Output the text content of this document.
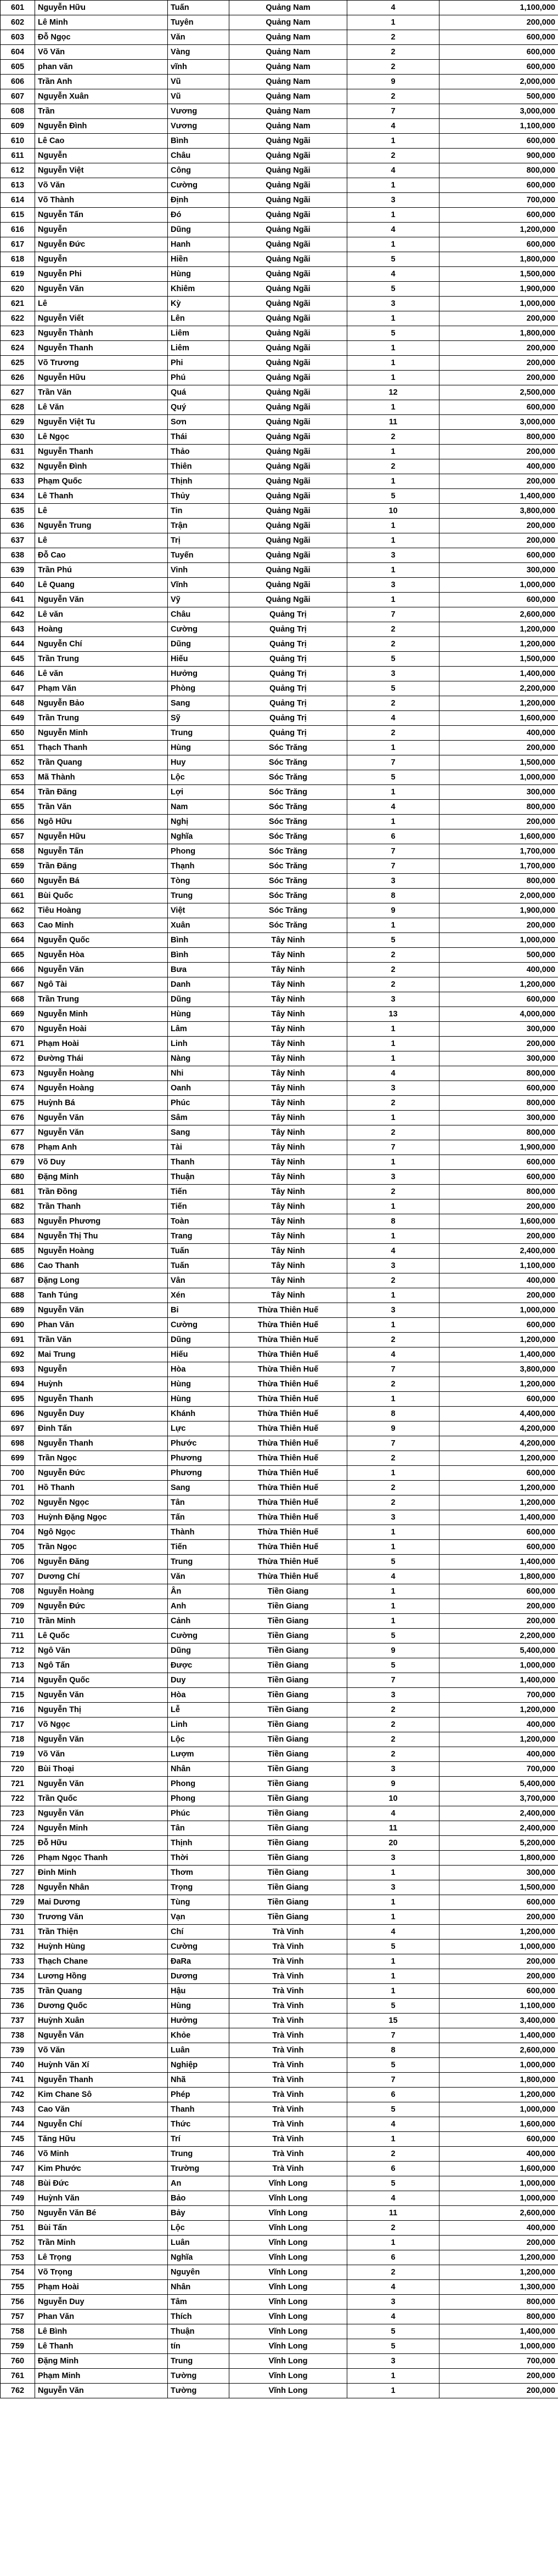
601	Nguyễn Hữu	Tuấn	Quảng Nam	4	1,100,000
602	Lê Minh	Tuyên	Quảng Nam	1	200,000
603	Đỗ Ngọc	Văn	Quảng Nam	2	600,000
604	Võ Văn	Vàng	Quảng Nam	2	600,000
605	phan văn	vĩnh	Quảng Nam	2	600,000
606	Trần Anh	Vũ	Quảng Nam	9	2,000,000
607	Nguyễn Xuân	Vũ	Quảng Nam	2	500,000
608	Trần	Vương	Quảng Nam	7	3,000,000
609	Nguyễn Đình	Vương	Quảng Nam	4	1,100,000
610	Lê Cao	Bình	Quảng Ngãi	1	600,000
611	Nguyễn	Châu	Quảng Ngãi	2	900,000
612	Nguyễn Việt	Công	Quảng Ngãi	4	800,000
613	Võ Văn	Cường	Quảng Ngãi	1	600,000
614	Võ Thành	Định	Quảng Ngãi	3	700,000
615	Nguyễn Tấn	Đó	Quảng Ngãi	1	600,000
616	Nguyễn	Dũng	Quảng Ngãi	4	1,200,000
617	Nguyễn Đức	Hanh	Quảng Ngãi	1	600,000
618	Nguyễn	Hiền	Quảng Ngãi	5	1,800,000
619	Nguyễn Phi	Hùng	Quảng Ngãi	4	1,500,000
620	Nguyễn Văn	Khiêm	Quảng Ngãi	5	1,900,000
621	Lê	Kỳ	Quảng Ngãi	3	1,000,000
622	Nguyễn Viết	Lên	Quảng Ngãi	1	200,000
623	Nguyễn Thành	Liêm	Quảng Ngãi	5	1,800,000
624	Nguyễn Thanh	Liêm	Quảng Ngãi	1	200,000
625	Võ Trương	Phi	Quảng Ngãi	1	200,000
626	Nguyễn Hữu	Phú	Quảng Ngãi	1	200,000
627	Trần Văn	Quá	Quảng Ngãi	12	2,500,000
628	Lê Văn	Quý	Quảng Ngãi	1	600,000
629	Nguyễn Việt Tu	Sơn	Quảng Ngãi	11	3,000,000
630	Lê Ngọc	Thái	Quảng Ngãi	2	800,000
631	Nguyễn Thanh	Thảo	Quảng Ngãi	1	200,000
632	Nguyễn Đình	Thiên	Quảng Ngãi	2	400,000
633	Phạm Quốc	Thịnh	Quảng Ngãi	1	200,000
634	Lê Thanh	Thủy	Quảng Ngãi	5	1,400,000
635	Lê	Tin	Quảng Ngãi	10	3,800,000
636	Nguyễn Trung	Trận	Quảng Ngãi	1	200,000
637	Lê	Trị	Quảng Ngãi	1	200,000
638	Đỗ Cao	Tuyến	Quảng Ngãi	3	600,000
639	Trần Phú	Vinh	Quảng Ngãi	1	300,000
640	Lê Quang	Vĩnh	Quảng Ngãi	3	1,000,000
641	Nguyễn Văn	Vỹ	Quảng Ngãi	1	600,000
642	Lê văn	Châu	Quảng Trị	7	2,600,000
643	Hoàng	Cường	Quảng Trị	2	1,200,000
644	Nguyễn Chí	Dũng	Quảng Trị	2	1,200,000
645	Trần Trung	Hiếu	Quảng Trị	5	1,500,000
646	Lê văn	Hưởng	Quảng Trị	3	1,400,000
647	Phạm Văn	Phòng	Quảng Trị	5	2,200,000
648	Nguyễn Bảo	Sang	Quảng Trị	2	1,200,000
649	Trần Trung	Sỹ	Quảng Trị	4	1,600,000
650	Nguyễn Minh	Trung	Quảng Trị	2	400,000
651	Thạch Thanh	Hùng	Sóc Trăng	1	200,000
652	Trần Quang	Huy	Sóc Trăng	7	1,500,000
653	Mã Thành	Lộc	Sóc Trăng	5	1,000,000
654	Trần Đăng	Lợi	Sóc Trăng	1	300,000
655	Trần Văn	Nam	Sóc Trăng	4	800,000
656	Ngô Hữu	Nghị	Sóc Trăng	1	200,000
657	Nguyễn Hữu	Nghĩa	Sóc Trăng	6	1,600,000
658	Nguyễn Tấn	Phong	Sóc Trăng	7	1,700,000
659	Trần Đăng	Thạnh	Sóc Trăng	7	1,700,000
660	Nguyễn Bá	Tòng	Sóc Trăng	3	800,000
661	Bùi Quốc	Trung	Sóc Trăng	8	2,000,000
662	Tiêu Hoàng	Việt	Sóc Trăng	9	1,900,000
663	Cao Minh	Xuân	Sóc Trăng	1	200,000
664	Nguyễn Quốc	Bình	Tây Ninh	5	1,000,000
665	Nguyễn Hòa	Bình	Tây Ninh	2	500,000
666	Nguyễn Văn	Bưa	Tây Ninh	2	400,000
667	Ngô Tài	Danh	Tây Ninh	2	1,200,000
668	Trần Trung	Dũng	Tây Ninh	3	600,000
669	Nguyễn Minh	Hùng	Tây Ninh	13	4,000,000
670	Nguyễn Hoài	Lâm	Tây Ninh	1	300,000
671	Phạm Hoài	Linh	Tây Ninh	1	200,000
672	Đường Thái	Nàng	Tây Ninh	1	300,000
673	Nguyễn Hoàng	Nhi	Tây Ninh	4	800,000
674	Nguyễn Hoàng	Oanh	Tây Ninh	3	600,000
675	Huỳnh Bá	Phúc	Tây Ninh	2	800,000
676	Nguyễn Văn	Sâm	Tây Ninh	1	300,000
677	Nguyễn Văn	Sang	Tây Ninh	2	800,000
678	Phạm Anh	Tài	Tây Ninh	7	1,900,000
679	Võ Duy	Thanh	Tây Ninh	1	600,000
680	Đặng Minh	Thuận	Tây Ninh	3	600,000
681	Trần Đồng	Tiến	Tây Ninh	2	800,000
682	Trần Thanh	Tiến	Tây Ninh	1	200,000
683	Nguyễn Phương	Toàn	Tây Ninh	8	1,600,000
684	Nguyễn Thị Thu	Trang	Tây Ninh	1	200,000
685	Nguyễn Hoàng	Tuấn	Tây Ninh	4	2,400,000
686	Cao Thanh	Tuấn	Tây Ninh	3	1,100,000
687	Đặng Long	Vân	Tây Ninh	2	400,000
688	Tanh Túng	Xén	Tây Ninh	1	200,000
689	Nguyễn Văn	Bi	Thừa Thiên Huế	3	1,000,000
690	Phan Văn	Cường	Thừa Thiên Huế	1	600,000
691	Trần Văn	Dũng	Thừa Thiên Huế	2	1,200,000
692	Mai Trung	Hiếu	Thừa Thiên Huế	4	1,400,000
693	Nguyễn	Hòa	Thừa Thiên Huế	7	3,800,000
694	Huỳnh	Hùng	Thừa Thiên Huế	2	1,200,000
695	Nguyễn Thanh	Hùng	Thừa Thiên Huế	1	600,000
696	Nguyễn Duy	Khánh	Thừa Thiên Huế	8	4,400,000
697	Đinh Tấn	Lực	Thừa Thiên Huế	9	4,200,000
698	Nguyễn Thanh	Phước	Thừa Thiên Huế	7	4,200,000
699	Trần Ngọc	Phương	Thừa Thiên Huế	2	1,200,000
700	Nguyễn Đức	Phương	Thừa Thiên Huế	1	600,000
701	Hồ Thanh	Sang	Thừa Thiên Huế	2	1,200,000
702	Nguyễn Ngọc	Tân	Thừa Thiên Huế	2	1,200,000
703	Huỳnh Đặng Ngọc	Tấn	Thừa Thiên Huế	3	1,400,000
704	Ngô Ngọc	Thành	Thừa Thiên Huế	1	600,000
705	Trần Ngọc	Tiến	Thừa Thiên Huế	1	600,000
706	Nguyễn Đăng	Trung	Thừa Thiên Huế	5	1,400,000
707	Dương Chí	Văn	Thừa Thiên Huế	4	1,800,000
708	Nguyễn Hoàng	Ân	Tiền Giang	1	600,000
709	Nguyễn Đức	Anh	Tiền Giang	1	200,000
710	Trần Minh	Cảnh	Tiền Giang	1	200,000
711	Lê Quốc	Cường	Tiền Giang	5	2,200,000
712	Ngô Văn	Dũng	Tiền Giang	9	5,400,000
713	Ngô Tấn	Được	Tiền Giang	5	1,000,000
714	Nguyễn Quốc	Duy	Tiền Giang	7	1,400,000
715	Nguyễn Văn	Hòa	Tiền Giang	3	700,000
716	Nguyễn Thị	Lễ	Tiền Giang	2	1,200,000
717	Võ Ngọc	Linh	Tiền Giang	2	400,000
718	Nguyễn Văn	Lộc	Tiền Giang	2	1,200,000
719	Võ Văn	Lượm	Tiền Giang	2	400,000
720	Bùi Thoại	Nhân	Tiền Giang	3	700,000
721	Nguyễn Văn	Phong	Tiền Giang	9	5,400,000
722	Trần Quốc	Phong	Tiền Giang	10	3,700,000
723	Nguyễn Văn	Phúc	Tiền Giang	4	2,400,000
724	Nguyễn Minh	Tân	Tiền Giang	11	2,400,000
725	Đỗ Hữu	Thịnh	Tiền Giang	20	5,200,000
726	Phạm Ngọc Thanh	Thời	Tiền Giang	3	1,800,000
727	Đinh Minh	Thơm	Tiền Giang	1	300,000
728	Nguyễn Nhân	Trọng	Tiền Giang	3	1,500,000
729	Mai Dương	Tùng	Tiền Giang	1	600,000
730	Trương Văn	Vạn	Tiền Giang	1	200,000
731	Trần Thiện	Chí	Trà Vinh	4	1,200,000
732	Huỳnh Hùng	Cường	Trà Vinh	5	1,000,000
733	Thạch Chane	ĐaRa	Trà Vinh	1	200,000
734	Lương Hồng	Dương	Trà Vinh	1	200,000
735	Trần Quang	Hậu	Trà Vinh	1	600,000
736	Dương Quốc	Hùng	Trà Vinh	5	1,100,000
737	Huỳnh Xuân	Hưởng	Trà Vinh	15	3,400,000
738	Nguyễn Văn	Khỏe	Trà Vinh	7	1,400,000
739	Võ Văn	Luân	Trà Vinh	8	2,600,000
740	Huỳnh Văn Xí	Nghiệp	Trà Vinh	5	1,000,000
741	Nguyễn Thanh	Nhã	Trà Vinh	7	1,800,000
742	Kim Chane Sô	Phép	Trà Vinh	6	1,200,000
743	Cao Văn	Thanh	Trà Vinh	5	1,000,000
744	Nguyễn Chí	Thức	Trà Vinh	4	1,600,000
745	Tăng Hữu	Trí	Trà Vinh	1	600,000
746	Võ Minh	Trung	Trà Vinh	2	400,000
747	Kim Phước	Trường	Trà Vinh	6	1,600,000
748	Bùi Đức	An	Vĩnh Long	5	1,000,000
749	Huỳnh Văn	Bảo	Vĩnh Long	4	1,000,000
750	Nguyễn Văn Bé	Bảy	Vĩnh Long	11	2,600,000
751	Bùi Tấn	Lộc	Vĩnh Long	2	400,000
752	Trần Minh	Luân	Vĩnh Long	1	200,000
753	Lê Trọng	Nghĩa	Vĩnh Long	6	1,200,000
754	Võ Trọng	Nguyên	Vĩnh Long	2	1,200,000
755	Phạm Hoài	Nhân	Vĩnh Long	4	1,300,000
756	Nguyễn Duy	Tâm	Vĩnh Long	3	800,000
757	Phan Văn	Thích	Vĩnh Long	4	800,000
758	Lê Bình	Thuận	Vĩnh Long	5	1,400,000
759	Lê Thanh	tín	Vĩnh Long	5	1,000,000
760	Đặng Minh	Trung	Vĩnh Long	3	700,000
761	Phạm Minh	Tường	Vĩnh Long	1	200,000
762	Nguyễn Văn	Tường	Vĩnh Long	1	200,000
